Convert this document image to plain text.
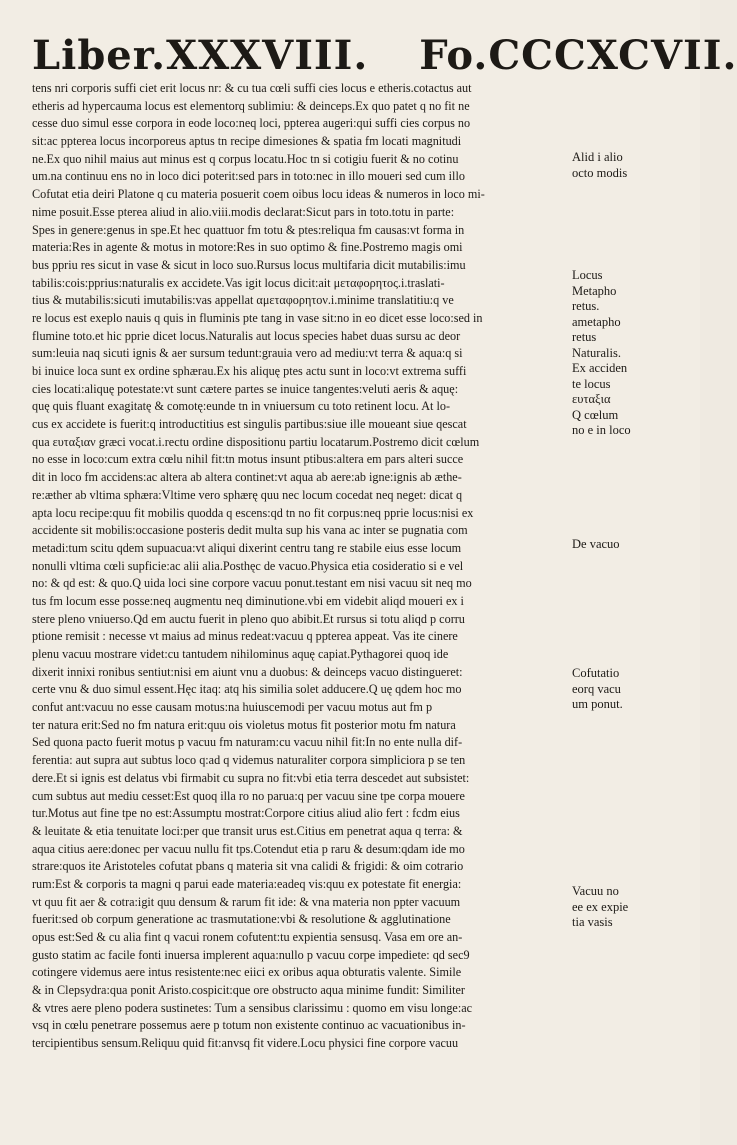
Liber.XXXVIII. Fo.CCCXCVII.
tens nri corporis suffi ciet erit locus nr: & cu tua cœli suffi cies locus e etheris.cotactus aut
etheris ad hypercauma locus est elementorq sublimiu: & deinceps.Ex quo patet q no fit ne
cesse duo simul esse corpora in eode loco:neq loci, ppterea augeri:qui suffi cies corpus no
sit:ac ppterea locus incorporeus aptus tn recipe dimesiones & spatia fm locati magnitudi
ne.Ex quo nihil maius aut minus est q corpus locatu.Hoc tn si cotigiu fuerit & no cotinu
um.na continuu ens no in loco dici poterit:sed pars in toto:nec in illo moueri sed cum illo
Cofutat etia deiri Platone q cu materia posuerit coem oibus locu ideas & numeros in loco mi-
nime posuit.Esse pterea aliud in alio.viii.modis declarat:Sicut pars in toto.totu in parte:
Spes in genere:genus in spe.Et hec quattuor fm totu & ptes:reliqua fm causas:vt forma in
materia:Res in agente & motus in motore:Res in suo optimo & fine.Postremo magis omi
bus ppriu res sicut in vase & sicut in loco suo.Rursus locus multifaria dicit mutabilis:imu
tabilis:cois:pprius:naturalis ex accidete.Vas igit locus dicit:ait μεταφορητος.i.traslati-
tius & mutabilis:sicuti imutabilis:vas appellat αμεταφορητον.i.minime translatitiu:q ve
re locus est exeplo nauis q quis in fluminis pte tang in vase sit:no in eo dicet esse loco:sed in
flumine toto.et hic pprie dicet locus.Naturalis aut locus species habet duas sursu ac deor
sum:leuia naq sicuti ignis & aer sursum tedunt:grauia vero ad mediu:vt terra & aqua:q si
bi inuice loca sunt ex ordine sphærau.Ex his aliquę ptes actu sunt in loco:vt extrema suffi
cies locati:aliquę potestate:vt sunt cætere partes se inuice tangentes:veluti aeris & aquę:
quę quis fluant exagitatę & comotę:eunde tn in vniuersum cu toto retinent locu. At lo-
cus ex accidete is fuerit:q introductitius est singulis partibus:siue ille moueant siue qescat
qua ευταξιαν græci vocat.i.rectu ordine dispositionu partiu locatarum.Postremo dicit cœlum
no esse in loco:cum extra cœlu nihil fit:tn motus insunt ptibus:altera em pars alteri succe
dit in loco fm accidens:ac altera ab altera continet:vt aqua ab aere:ab igne:ignis ab æthe-
re:æther ab vltima sphæra:Vltime vero sphærę quu nec locum cocedat neq neget: dicat q
apta locu recipe:quu fit mobilis quodda q escens:qd tn no fit corpus:neq pprie locus:nisi ex
accidente sit mobilis:occasione posteris dedit multa sup his vana ac inter se pugnatia com
metadi:tum scitu qdem supuacua:vt aliqui dixerint centru tang re stabile eius esse locum
nonulli vltima cœli supficie:ac alii alia.Posthęc de vacuo.Physica etia cosideratio si e vel
no: & qd est: & quo.Q uida loci sine corpore vacuu ponut.testant em nisi vacuu sit neq mo
tus fm locum esse posse:neq augmentu neq diminutione.vbi em videbit aliqd moueri ex i
stere pleno vniuerso.Qd em auctu fuerit in pleno quo abibit.Et rursus si totu aliqd p corru
ptione remisit : necesse vt maius ad minus redeat:vacuu q ppterea appeat. Vas ite cinere
plenu vacuu mostrare videt:cu tantudem nihilominus aquę capiat.Pythagorei quoq ide
dixerit innixi ronibus sentiut:nisi em aiunt vnu a duobus: & deinceps vacuo distingueret:
certe vnu & duo simul essent.Hęc itaq: atq his similia solet adducere.Q uę qdem hoc mo
confut ant:vacuu no esse causam motus:na huiuscemodi per vacuu motus aut fm p
ter natura erit:Sed no fm natura erit:quu ois violetus motus fit posterior motu fm natura
Sed quona pacto fuerit motus p vacuu fm naturam:cu vacuu nihil fit:In no ente nulla dif-
ferentia: aut supra aut subtus loco q:ad q videmus naturaliter corpora simpliciora p se ten
dere.Et si ignis est delatus vbi firmabit cu supra no fit:vbi etia terra descedet aut subsistet:
cum subtus aut mediu cesset:Est quoq illa ro no parua:q per vacuu sine tpe corpa mouere
tur.Motus aut fine tpe no est:Assumptu mostrat:Corpore citius aliud alio fert : fcdm eius
& leuitate & etia tenuitate loci:per que transit urus est.Citius em penetrat aqua q terra: &
aqua citius aere:donec per vacuu nullu fit tps.Cotendut etia p raru & desum:qdam ide mo
strare:quos ite Aristoteles cofutat pbans q materia sit vna calidi & frigidi: & oim cotrario
rum:Est & corporis ta magni q parui eade materia:eadeq vis:quu ex potestate fit energia:
vt quu fit aer & cotra:igit quu densum & rarum fit ide: & vna materia non ppter vacuum
fuerit:sed ob corpum generatione ac trasmutatione:vbi & resolutione & agglutinatione
opus est:Sed & cu alia fint q vacui ronem cofutent:tu expientia sensusq. Vasa em ore an-
gusto statim ac facile fonti inuersa implerent aqua:nullo p vacuu corpe impediete: qd sec9
cotingere videmus aere intus resistente:nec eiici ex oribus aqua obturatis valente. Simile
& in Clepsydra:qua ponit Aristo.cospicit:que ore obstructo aqua minime fundit: Similiter
& vtres aere pleno podera sustinetes: Tum a sensibus clarissimu : quomo em visu longe:ac
vsq in cœlu penetrare possemus aere p totum non existente continuo ac vacuationibus in-
tercipientibus sensum.Reliquu quid fit:anvsq fit videre.Locu physici fine corpore vacuu
Alid i alio
octo modis
Locus
Metapho
retus.
ametapho
retus
Naturalis.
Ex acciden
te locus
ευταξια
Q cœlum
no e in loco
De vacuo
Cofutatio
eorq vacu
um ponut.
Vacuu no
ee ex expie
tia vasis
